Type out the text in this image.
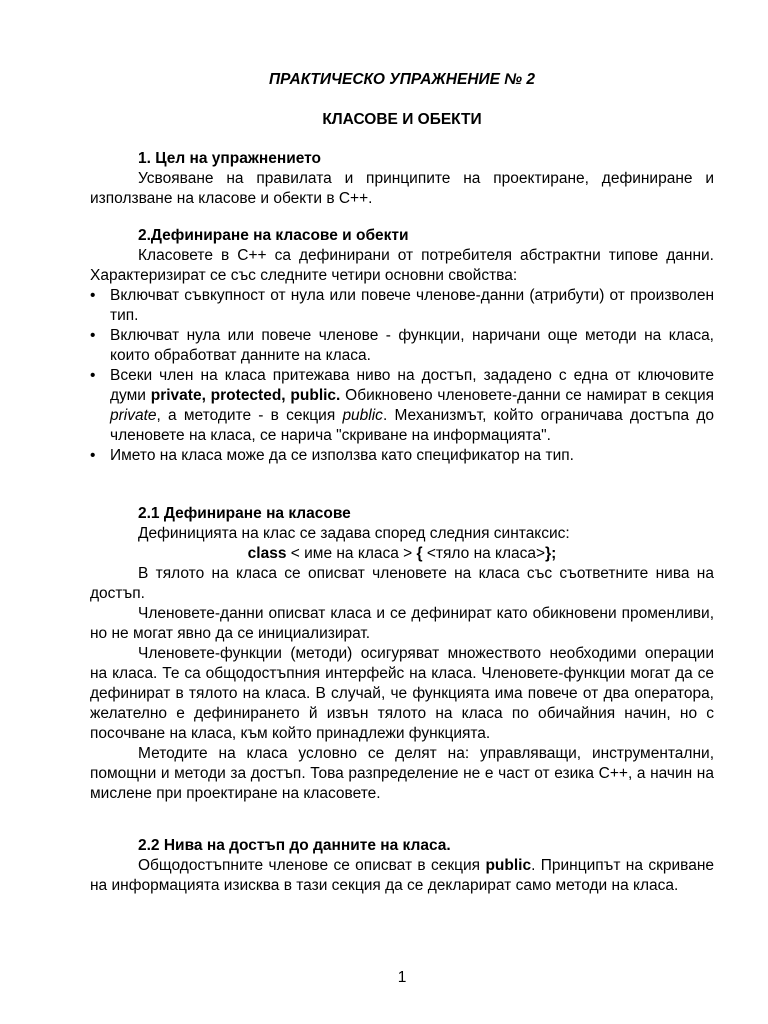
ПРАКТИЧЕСКО УПРАЖНЕНИЕ № 2
КЛАСОВЕ И ОБЕКТИ
1. Цел на упражнението
Усвояване на правилата и принципите на проектиране, дефиниране и използване на класове и обекти в С++.
2.Дефиниране на класове и обекти
Класовете в С++ са дефинирани от потребителя абстрактни типове данни. Характеризират се със следните четири основни свойства:
• Включват съвкупност от нула или повече членове-данни (атрибути) от произволен тип.
• Включват нула или повече членове - функции, наричани още методи на класа, които обработват данните на класа.
• Всеки член на класа притежава ниво на достъп, зададено с една от ключовите думи private, protected, public. Обикновено членовете-данни се намират в секция private, а методите - в секция public. Механизмът, който ограничава достъпа до членовете на класа, се нарича "скриване на информацията".
• Името на класа може да се използва като спецификатор на тип.
2.1 Дефиниране на класове
Дефиницията на клас се задава според следния синтаксис:
class < име на класа > { <тяло на класа>};
В тялото на класа се описват членовете на класа със съответните нива на достъп.
Членовете-данни описват класа и се дефинират като обикновени променливи, но не могат явно да се инициализират.
Членовете-функции (методи) осигуряват множеството необходими операции на класа. Те са общодостъпния интерфейс на класа. Членовете-функции могат да се дефинират в тялото на класа. В случай, че функцията има повече от два оператора, желателно е дефинирането й извън тялото на класа по обичайния начин, но с посочване на класа, към който принадлежи функцията.
Методите на класа условно се делят на: управляващи, инструментални, помощни и методи за достъп. Това разпределение не е част от езика С++, а начин на мислене при проектиране на класовете.
2.2 Нива на достъп до данните на класа.
Общодостъпните членове се описват в секция public. Принципът на скриване на информацията изисква в тази секция да се декларират само методи на класа.
1
